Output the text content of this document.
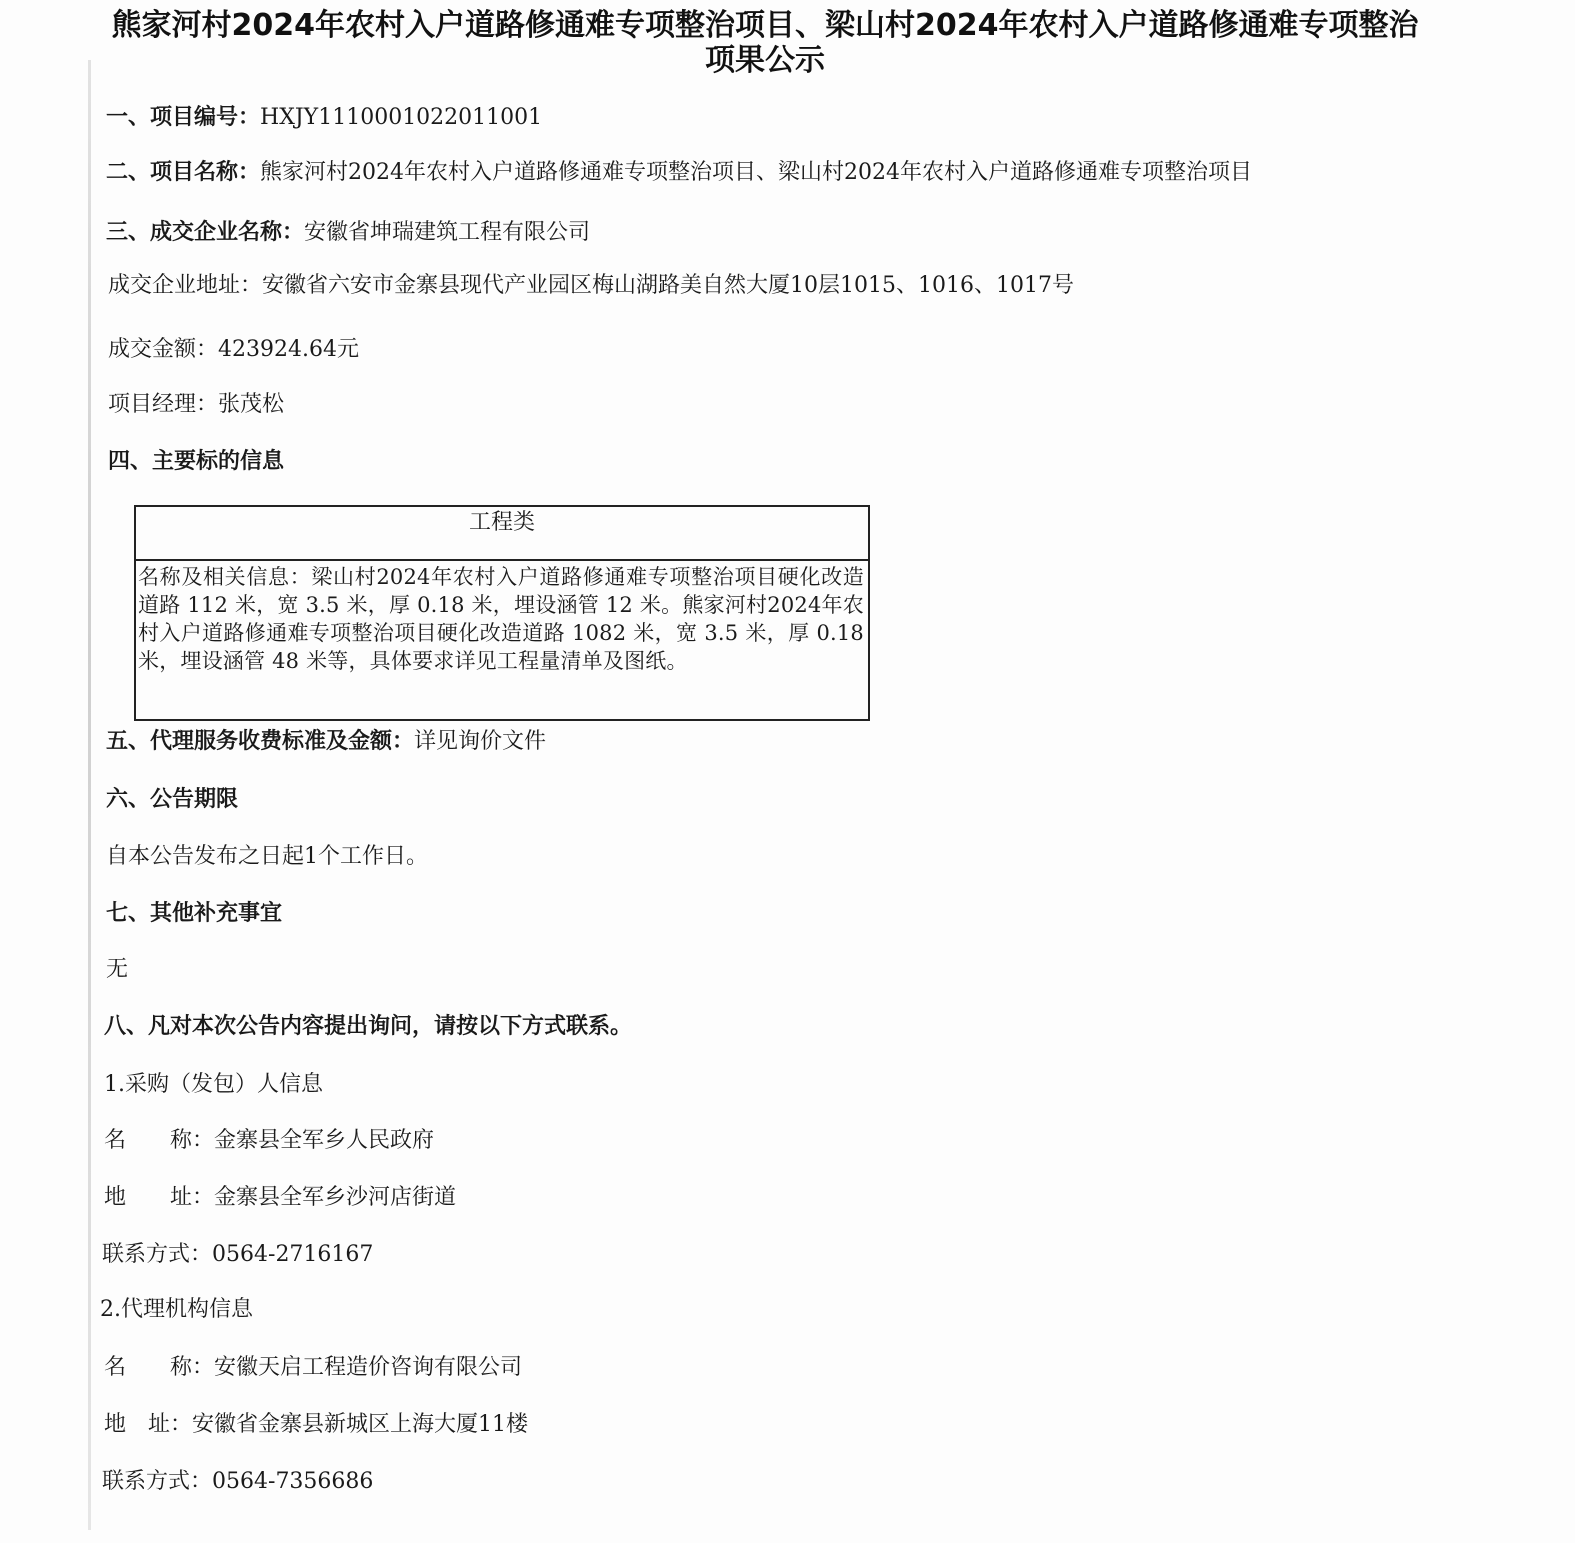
熊家河村2024年农村入户道路修通难专项整治项目、梁山村2024年农村入户道路修通难专项整治项果公示
一、项目编号：HXJY1110001022011001
二、项目名称：熊家河村2024年农村入户道路修通难专项整治项目、梁山村2024年农村入户道路修通难专项整治项目
三、成交企业名称：安徽省坤瑞建筑工程有限公司
成交企业地址：安徽省六安市金寨县现代产业园区梅山湖路美自然大厦10层1015、1016、1017号
成交金额：423924.64元
项目经理：张茂松
四、主要标的信息
工程类
名称及相关信息：梁山村2024年农村入户道路修通难专项整治项目硬化改造道路 112 米，宽 3.5 米，厚 0.18 米，埋设涵管 12 米。熊家河村2024年农村入户道路修通难专项整治项目硬化改造道路 1082 米，宽 3.5 米，厚 0.18 米，埋设涵管 48 米等，具体要求详见工程量清单及图纸。
五、代理服务收费标准及金额：详见询价文件
六、公告期限
自本公告发布之日起1个工作日。
七、其他补充事宜
无
八、凡对本次公告内容提出询问，请按以下方式联系。
1.采购（发包）人信息
名　　称：金寨县全军乡人民政府
地　　址：金寨县全军乡沙河店街道
联系方式：0564-2716167
2.代理机构信息
名　　称：安徽天启工程造价咨询有限公司
地　址：安徽省金寨县新城区上海大厦11楼
联系方式：0564-7356686
